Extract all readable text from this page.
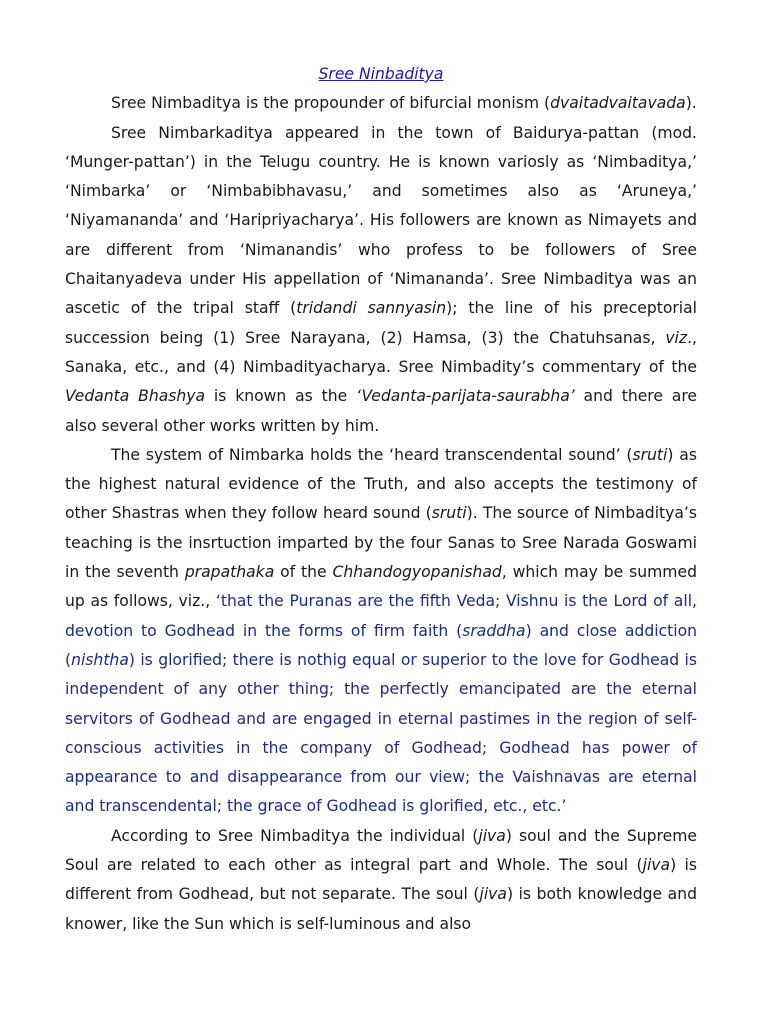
Sree Ninbaditya

Sree Nimbaditya is the propounder of bifurcial monism (dvaitadvaitavada).

Sree Nimbarkaditya appeared in the town of Baidurya-pattan (mod. ‘Munger-pattan’) in the Telugu country. He is known variosly as ‘Nimbaditya,’ ‘Nimbarka’ or ‘Nimbabibhavasu,’ and sometimes also as ‘Aruneya,’ ‘Niyamananda’ and ‘Haripriyacharya’. His followers are known as Nimayets and are different from ‘Nimanandis’ who profess to be followers of Sree Chaitanyadeva under His appellation of ‘Nimananda’. Sree Nimbaditya was an ascetic of the tripal staff (tridandi sannyasin); the line of his preceptorial succession being (1) Sree Narayana, (2) Hamsa, (3) the Chatuhsanas, viz., Sanaka, etc., and (4) Nimbadityacharya. Sree Nimbadity’s commentary of the Vedanta Bhashya is known as the ‘Vedanta-parijata-saurabha’ and there are also several other works written by him.

The system of Nimbarka holds the ‘heard transcendental sound’ (sruti) as the highest natural evidence of the Truth, and also accepts the testimony of other Shastras when they follow heard sound (sruti). The source of Nimbaditya’s teaching is the insrtuction imparted by the four Sanas to Sree Narada Goswami in the seventh prapathaka of the Chhandogyopanishad, which may be summed up as follows, viz., ‘that the Puranas are the fifth Veda; Vishnu is the Lord of all, devotion to Godhead in the forms of firm faith (sraddha) and close addiction (nishtha) is glorified; there is nothig equal or superior to the love for Godhead is independent of any other thing; the perfectly emancipated are the eternal servitors of Godhead and are engaged in eternal pastimes in the region of self-conscious activities in the company of Godhead; Godhead has power of appearance to and disappearance from our view; the Vaishnavas are eternal and transcendental; the grace of Godhead is glorified, etc., etc.’

According to Sree Nimbaditya the individual (jiva) soul and the Supreme Soul are related to each other as integral part and Whole. The soul (jiva) is different from Godhead, but not separate. The soul (jiva) is both knowledge and knower, like the Sun which is self-luminous and also
